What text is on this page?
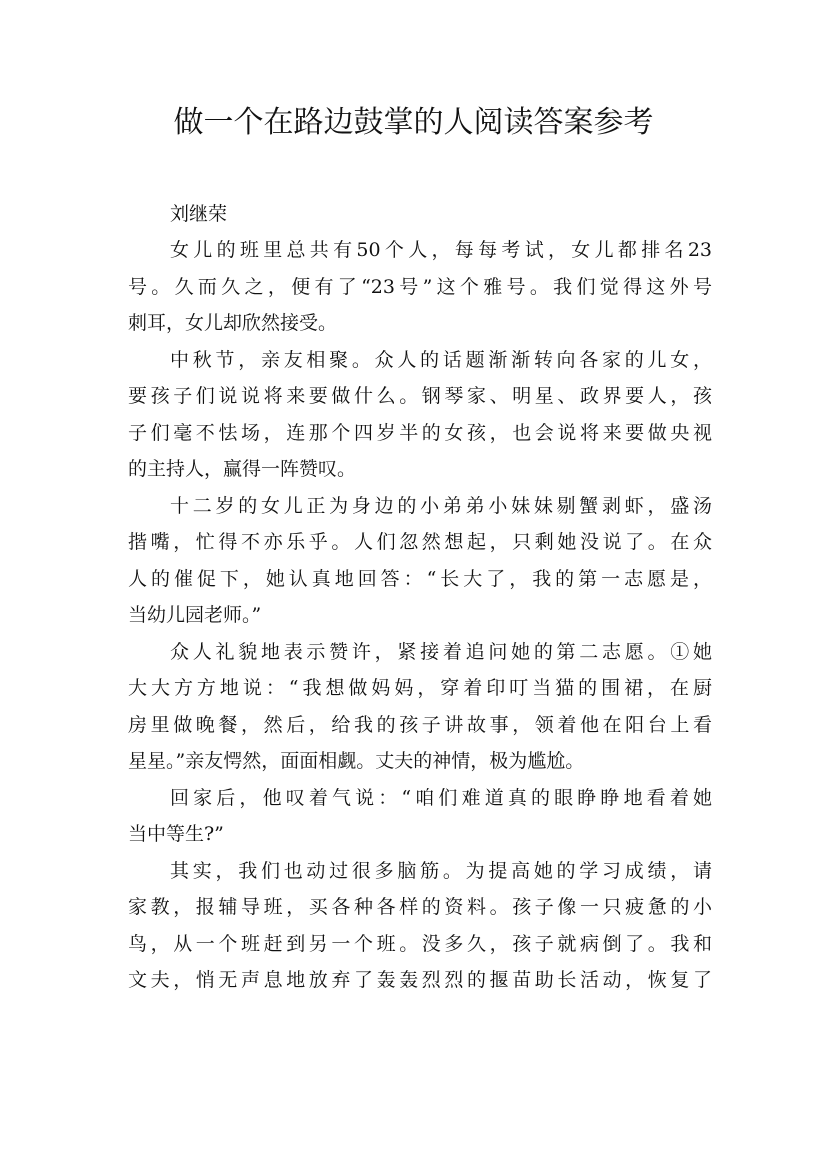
做一个在路边鼓掌的人阅读答案参考

刘继荣

女儿的班里总共有50个人，每每考试，女儿都排名23
号。久而久之，便有了“23号”这个雅号。我们觉得这外号
刺耳，女儿却欣然接受。

中秋节，亲友相聚。众人的话题渐渐转向各家的儿女，
要孩子们说说将来要做什么。钢琴家、明星、政界要人，孩
子们毫不怯场，连那个四岁半的女孩，也会说将来要做央视
的主持人，赢得一阵赞叹。

十二岁的女儿正为身边的小弟弟小妹妹剔蟹剥虾，盛汤
揩嘴，忙得不亦乐乎。人们忽然想起，只剩她没说了。在众
人的催促下，她认真地回答：“长大了，我的第一志愿是，
当幼儿园老师。”

众人礼貌地表示赞许，紧接着追问她的第二志愿。①她
大大方方地说：“我想做妈妈，穿着印叮当猫的围裙，在厨
房里做晚餐，然后，给我的孩子讲故事，领着他在阳台上看
星星。”亲友愕然，面面相觑。丈夫的神情，极为尴尬。

回家后，他叹着气说：“咱们难道真的眼睁睁地看着她
当中等生?”

其实，我们也动过很多脑筋。为提高她的学习成绩，请
家教，报辅导班，买各种各样的资料。孩子像一只疲惫的小
鸟，从一个班赶到另一个班。没多久，孩子就病倒了。我和
文夫，悄无声息地放弃了轰轰烈烈的揠苗助长活动，恢复了
